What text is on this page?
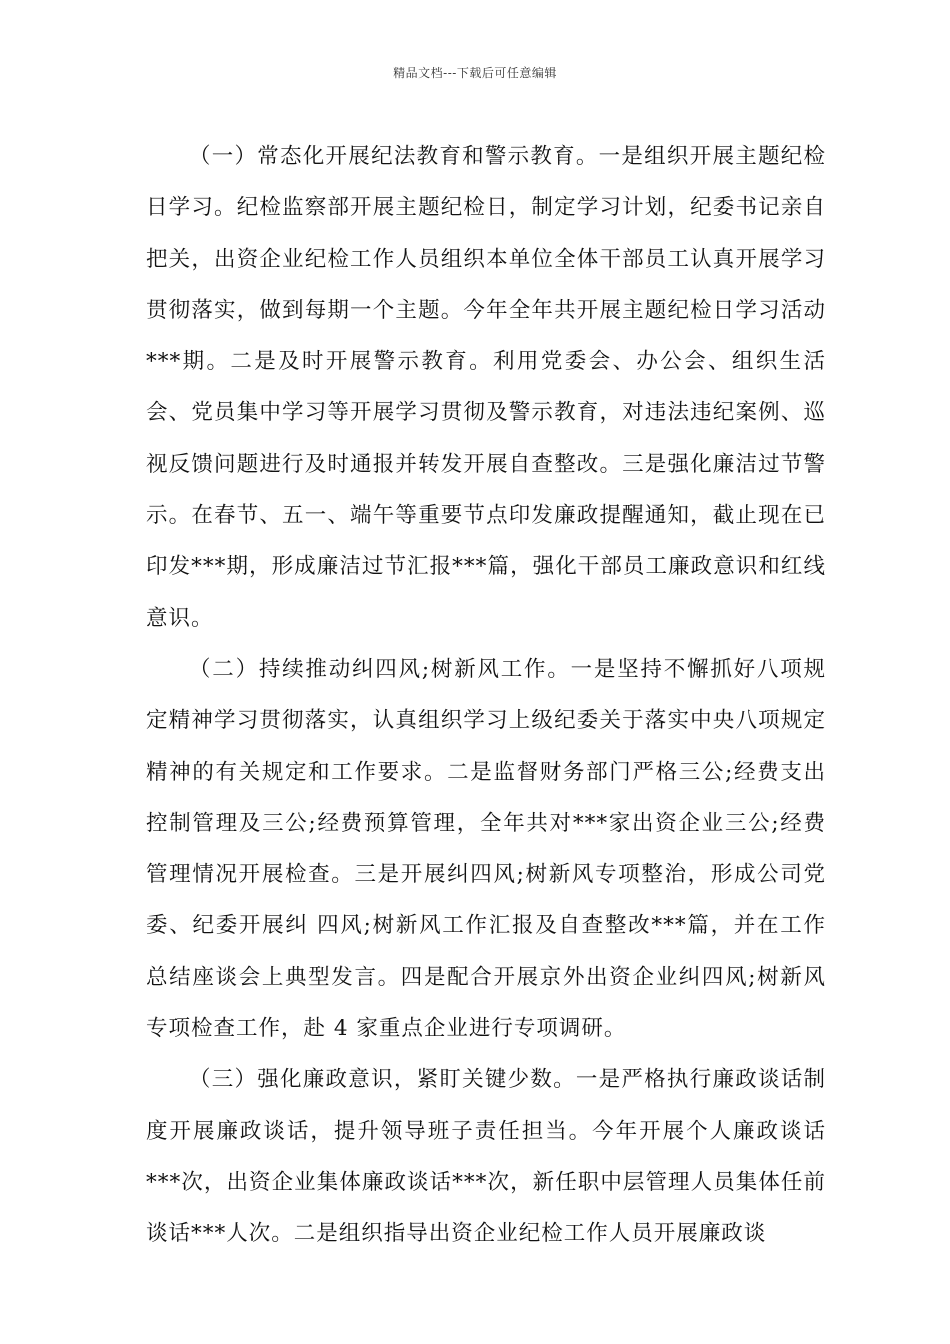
精品文档---下载后可任意编辑

（一）常态化开展纪法教育和警示教育。一是组织开展主题纪检日学习。纪检监察部开展主题纪检日，制定学习计划，纪委书记亲自把关，出资企业纪检工作人员组织本单位全体干部员工认真开展学习贯彻落实，做到每期一个主题。今年全年共开展主题纪检日学习活动***期。二是及时开展警示教育。利用党委会、办公会、组织生活会、党员集中学习等开展学习贯彻及警示教育，对违法违纪案例、巡视反馈问题进行及时通报并转发开展自查整改。三是强化廉洁过节警示。在春节、五一、端午等重要节点印发廉政提醒通知，截止现在已印发***期，形成廉洁过节汇报***篇，强化干部员工廉政意识和红线意识。

（二）持续推动纠四风;树新风工作。一是坚持不懈抓好八项规定精神学习贯彻落实，认真组织学习上级纪委关于落实中央八项规定精神的有关规定和工作要求。二是监督财务部门严格三公;经费支出控制管理及三公;经费预算管理，全年共对***家出资企业三公;经费管理情况开展检查。三是开展纠四风;树新风专项整治，形成公司党委、纪委开展纠 四风;树新风工作汇报及自查整改***篇，并在工作总结座谈会上典型发言。四是配合开展京外出资企业纠四风;树新风专项检查工作，赴 4 家重点企业进行专项调研。

（三）强化廉政意识，紧盯关键少数。一是严格执行廉政谈话制度开展廉政谈话，提升领导班子责任担当。今年开展个人廉政谈话***次，出资企业集体廉政谈话***次，新任职中层管理人员集体任前谈话***人次。二是组织指导出资企业纪检工作人员开展廉政谈
